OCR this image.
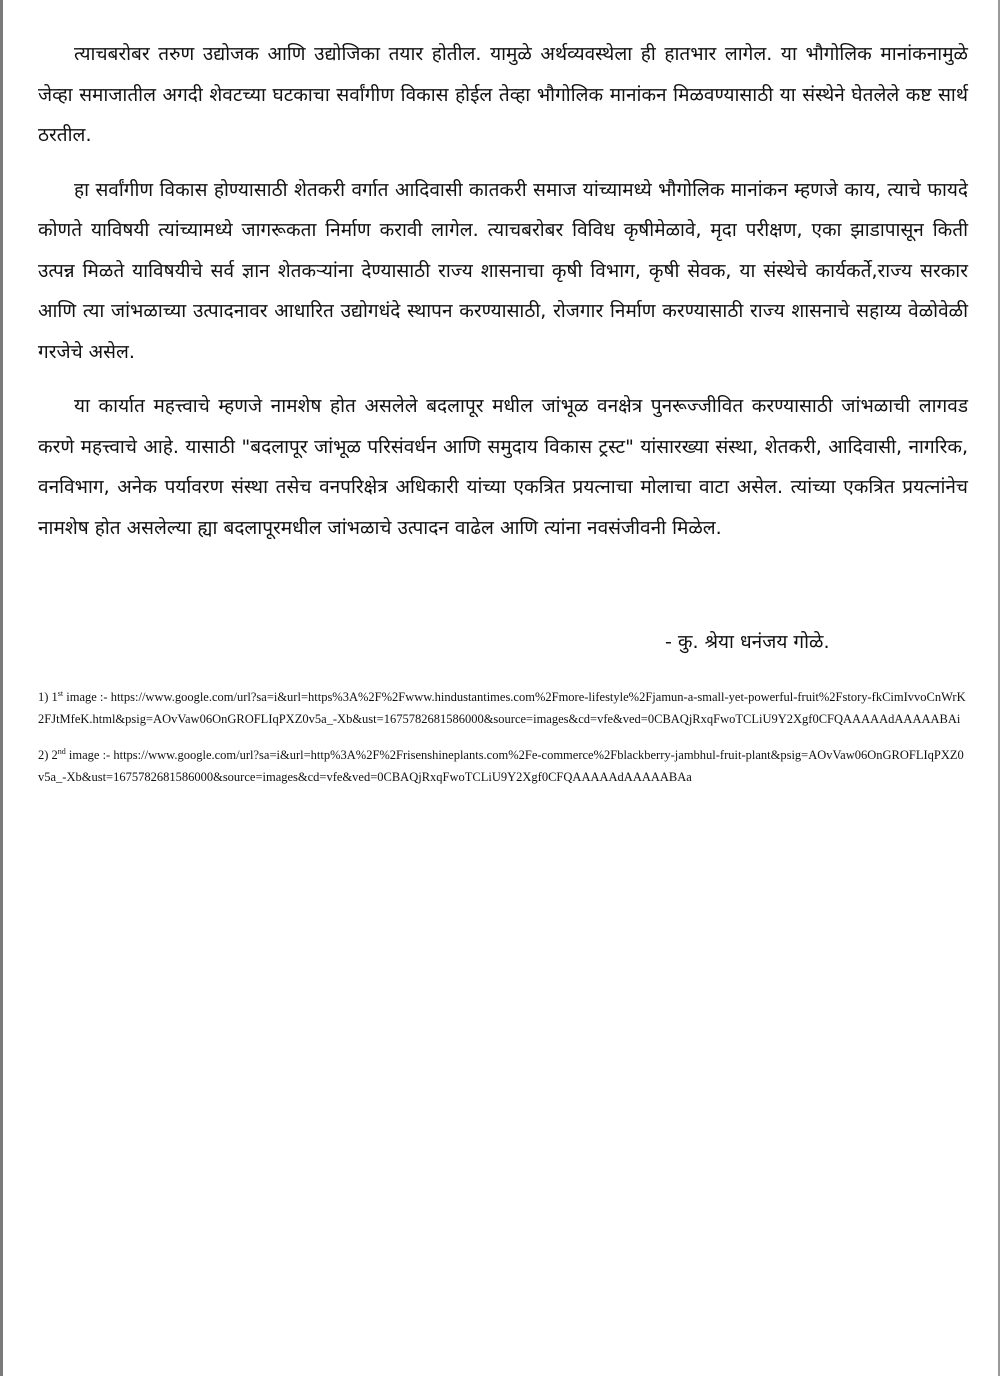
त्याचबरोबर तरुण उद्योजक आणि उद्योजिका तयार होतील. यामुळे अर्थव्यवस्थेला ही हातभार लागेल. या भौगोलिक मानांकनामुळे जेव्हा समाजातील अगदी शेवटच्या घटकाचा सर्वांगीण विकास होईल तेव्हा भौगोलिक मानांकन मिळवण्यासाठी या संस्थेने घेतलेले कष्ट सार्थ ठरतील.

हा सर्वांगीण विकास होण्यासाठी शेतकरी वर्गात आदिवासी कातकरी समाज यांच्यामध्ये भौगोलिक मानांकन म्हणजे काय, त्याचे फायदे कोणते याविषयी त्यांच्यामध्ये जागरूकता निर्माण करावी लागेल. त्याचबरोबर विविध कृषीमेळावे, मृदा परीक्षण, एका झाडापासून किती उत्पन्न मिळते याविषयीचे सर्व ज्ञान शेतकऱ्यांना देण्यासाठी राज्य शासनाचा कृषी विभाग, कृषी सेवक, या संस्थेचे कार्यकर्ते,राज्य सरकार आणि त्या जांभळाच्या उत्पादनावर आधारित उद्योगधंदे स्थापन करण्यासाठी, रोजगार निर्माण करण्यासाठी राज्य शासनाचे सहाय्य वेळोवेळी गरजेचे असेल.

या कार्यात महत्त्वाचे म्हणजे नामशेष होत असलेले बदलापूर मधील जांभूळ वनक्षेत्र पुनरूज्जीवित करण्यासाठी जांभळाची लागवड करणे महत्त्वाचे आहे. यासाठी "बदलापूर जांभूळ परिसंवर्धन आणि समुदाय विकास ट्रस्ट" यांसारख्या संस्था, शेतकरी, आदिवासी, नागरिक, वनविभाग, अनेक पर्यावरण संस्था तसेच वनपरिक्षेत्र अधिकारी यांच्या एकत्रित प्रयत्नाचा मोलाचा वाटा असेल. त्यांच्या एकत्रित प्रयत्नांनेच नामशेष होत असलेल्या ह्या बदलापूरमधील जांभळाचे उत्पादन वाढेल आणि त्यांना नवसंजीवनी मिळेल.

- कु. श्रेया धनंजय गोळे.

1) 1st image :- https://www.google.com/url?sa=i&url=https%3A%2F%2Fwww.hindustantimes.com%2Fmore-lifestyle%2Fjamun-a-small-yet-powerful-fruit%2Fstory-fkCimIvvoCnWrK2FJtMfeK.html&psig=AOvVaw06OnGROFLIqPXZ0v5a_-Xb&ust=1675782681586000&source=images&cd=vfe&ved=0CBAQjRxqFwoTCLiU9Y2Xgf0CFQAAAAAdAAAAABAi

2) 2nd image :- https://www.google.com/url?sa=i&url=http%3A%2F%2Frisenshineplants.com%2Fe-commerce%2Fblackberry-jambhul-fruit-plant&psig=AOvVaw06OnGROFLIqPXZ0v5a_-Xb&ust=1675782681586000&source=images&cd=vfe&ved=0CBAQjRxqFwoTCLiU9Y2Xgf0CFQAAAAAdAAAAABAa
